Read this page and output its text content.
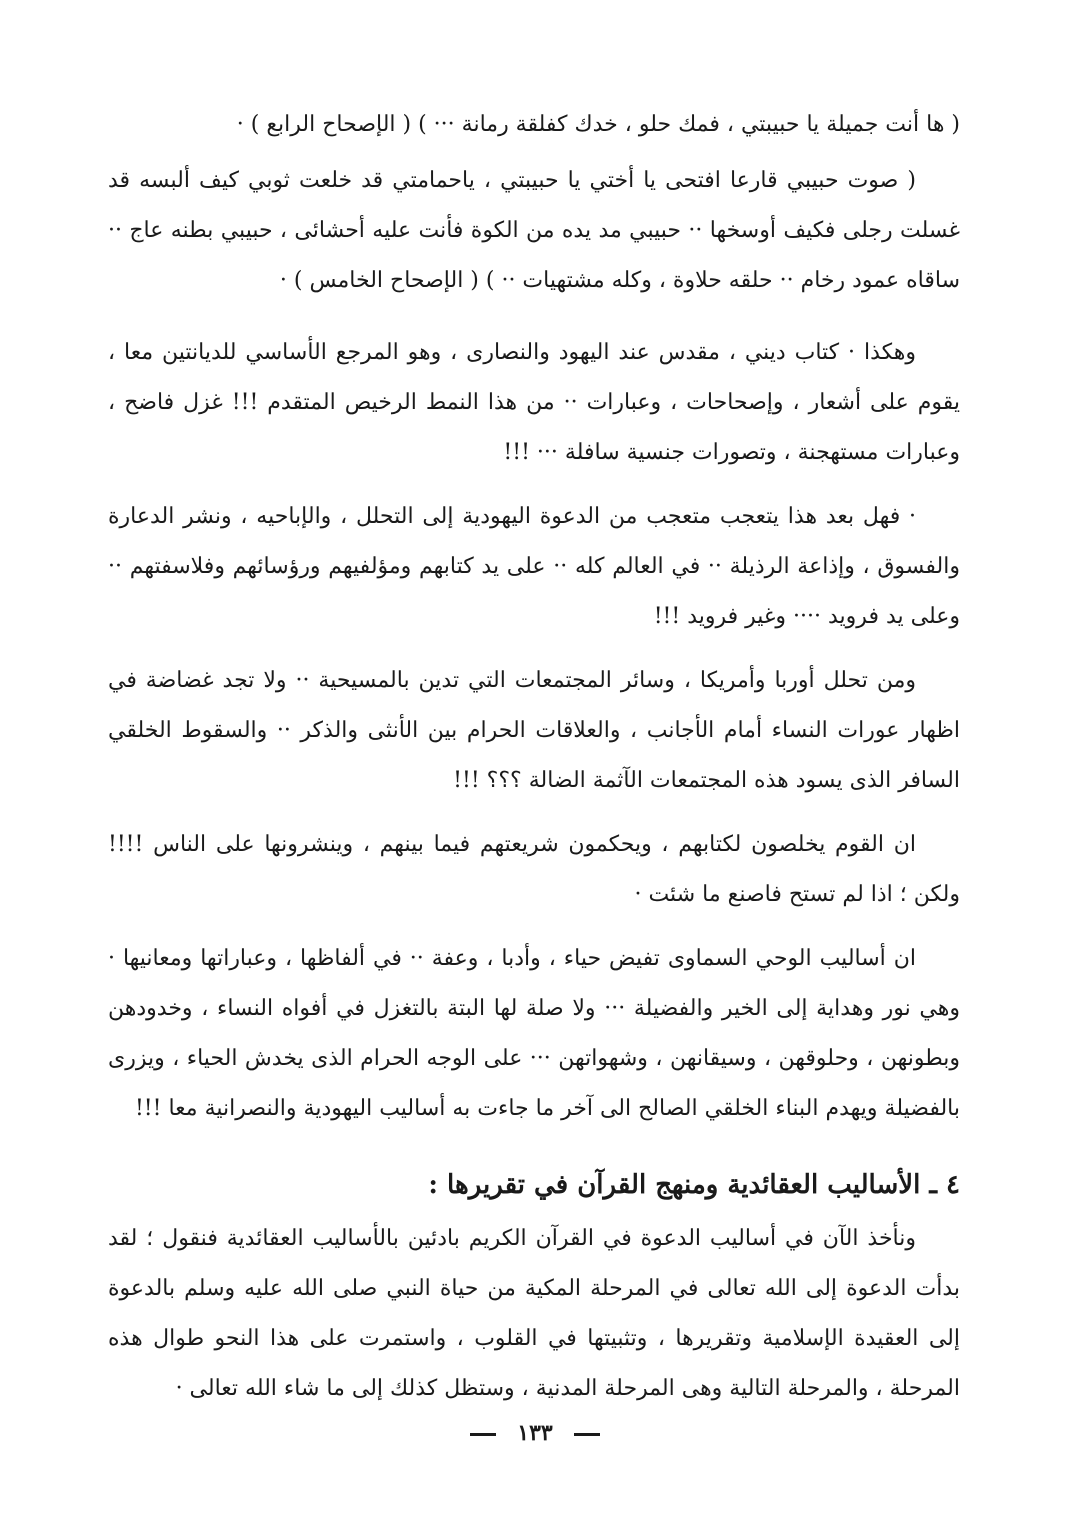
( ها أنت جميلة يا حبيبتي ، فمك حلو ، خدك كفلقة رمانة ··· ) ( الإصحاح الرابع ) ·

( صوت حبيبي قارعا افتحى يا أختي يا حبيبتي ، ياحمامتي قد خلعت ثوبي كيف ألبسه قد غسلت رجلى فكيف أوسخها ·· حبيبي مد يده من الكوة فأنت عليه أحشائى ، حبيبي بطنه عاج ·· ساقاه عمود رخام ·· حلقه حلاوة ، وكله مشتهيات ·· ) ( الإصحاح الخامس ) ·

وهكذا · كتاب ديني ، مقدس عند اليهود والنصارى ، وهو المرجع الأساسي للديانتين معا ، يقوم على أشعار ، وإصحاحات ، وعبارات ·· من هذا النمط الرخيص المتقدم !!! غزل فاضح ، وعبارات مستهجنة ، وتصورات جنسية سافلة ··· !!!

· فهل بعد هذا يتعجب متعجب من الدعوة اليهودية إلى التحلل ، والإباحيه ، ونشر الدعارة والفسوق ، وإذاعة الرذيلة ·· في العالم كله ·· على يد كتابهم ومؤلفيهم ورؤسائهم وفلاسفتهم ·· وعلى يد فرويد ···· وغير فرويد !!!

ومن تحلل أوربا وأمريكا ، وسائر المجتمعات التي تدين بالمسيحية ·· ولا تجد غضاضة في اظهار عورات النساء أمام الأجانب ، والعلاقات الحرام بين الأنثى والذكر ·· والسقوط الخلقي السافر الذى يسود هذه المجتمعات الآثمة الضالة ؟؟؟ !!!

ان القوم يخلصون لكتابهم ، ويحكمون شريعتهم فيما بينهم ، وينشرونها على الناس !!!! ولكن ؛ اذا لم تستح فاصنع ما شئت ·

ان أساليب الوحي السماوى تفيض حياء ، وأدبا ، وعفة ·· في ألفاظها ، وعباراتها ومعانيها · وهي نور وهداية إلى الخير والفضيلة ··· ولا صلة لها البتة بالتغزل في أفواه النساء ، وخدودهن وبطونهن ، وحلوقهن ، وسيقانهن ، وشهواتهن ··· على الوجه الحرام الذى يخدش الحياء ، ويزرى بالفضيلة ويهدم البناء الخلقي الصالح الى آخر ما جاءت به أساليب اليهودية والنصرانية معا !!!

٤ ـ الأساليب العقائدية ومنهج القرآن في تقريرها :

ونأخذ الآن في أساليب الدعوة في القرآن الكريم بادئين بالأساليب العقائدية فنقول ؛ لقد بدأت الدعوة إلى الله تعالى في المرحلة المكية من حياة النبي صلى الله عليه وسلم بالدعوة إلى العقيدة الإسلامية وتقريرها ، وتثبيتها في القلوب ، واستمرت على هذا النحو طوال هذه المرحلة ، والمرحلة التالية وهى المرحلة المدنية ، وستظل كذلك إلى ما شاء الله تعالى ·

١٣٣
